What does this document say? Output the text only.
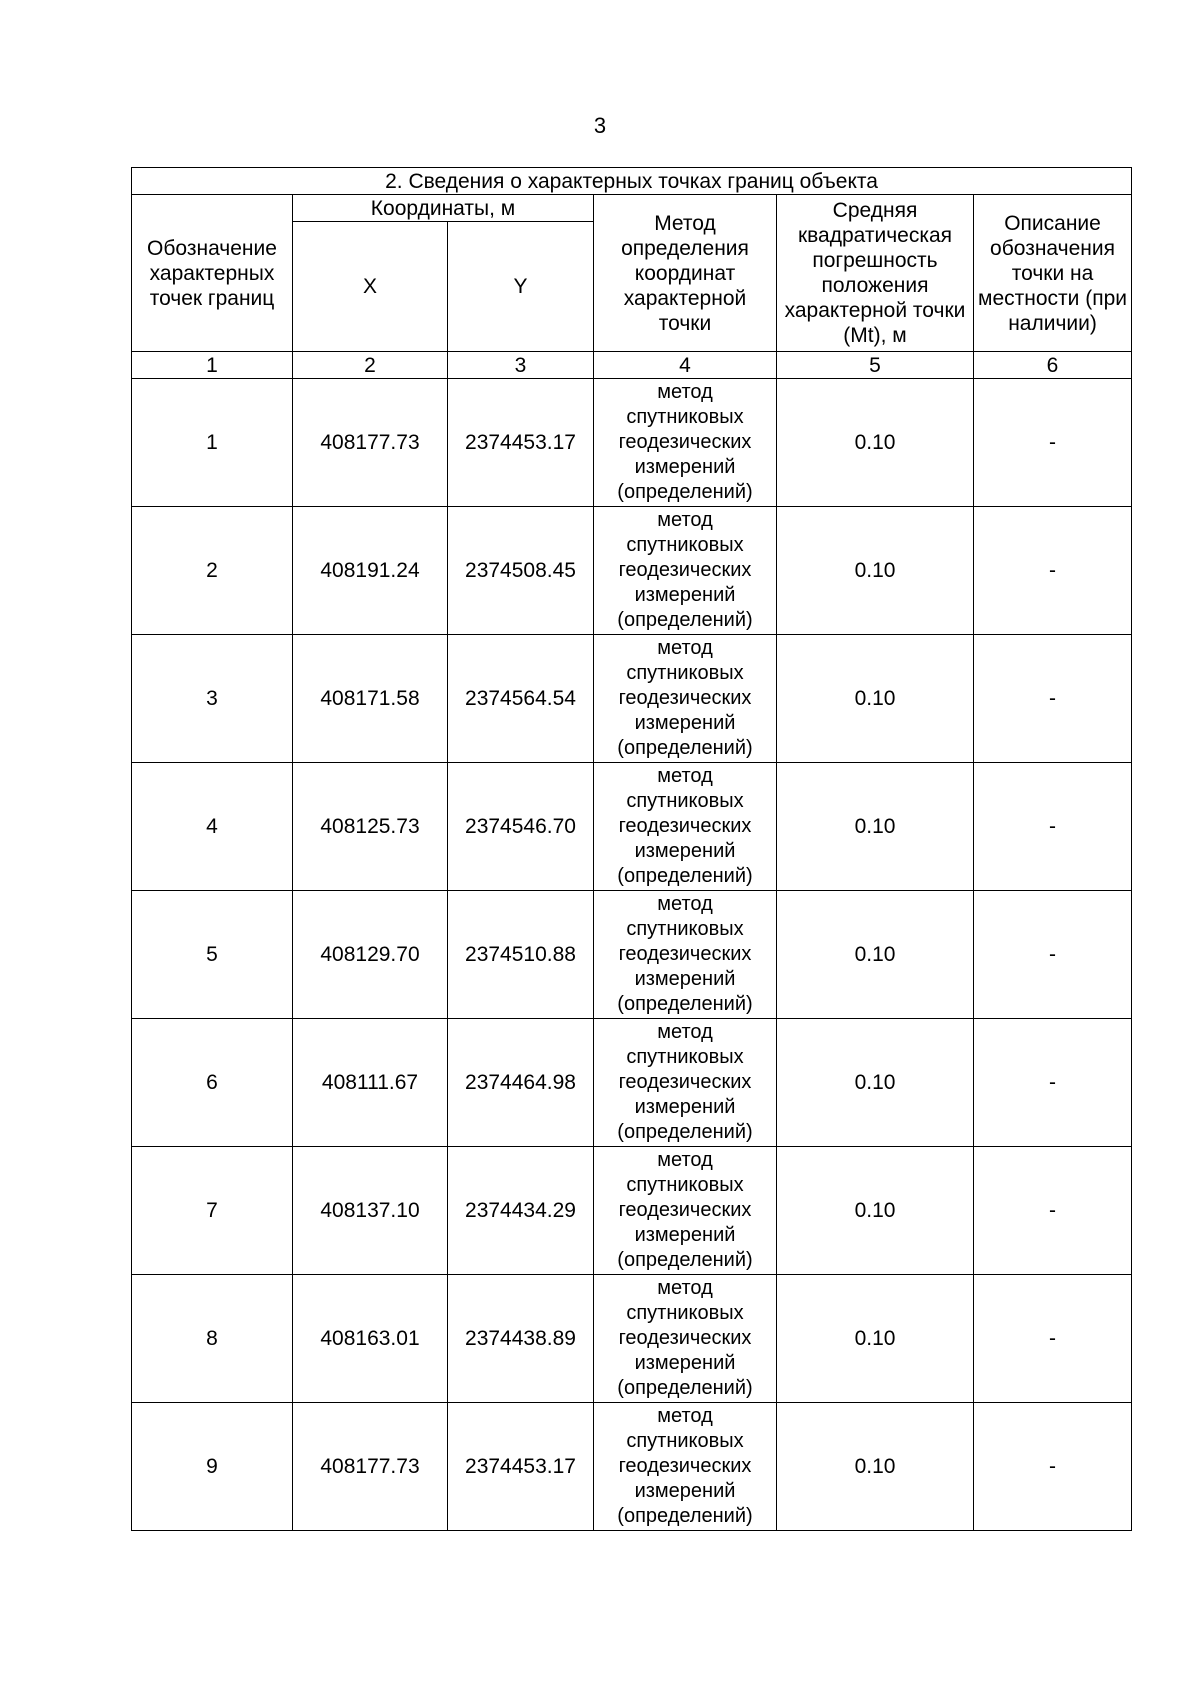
3
2. Сведения о характерных точках границ объекта					
Обозначение характерных точек границ	Координаты, м		Метод определения координат характерной точки	Средняя квадратическая погрешность положения характерной точки (Mt), м	Описание обозначения точки на местности (при наличии)
	X	Y			
1	2	3	4	5	6
1	408177.73	2374453.17	метод спутниковых геодезических измерений (определений)	0.10	-
2	408191.24	2374508.45	метод спутниковых геодезических измерений (определений)	0.10	-
3	408171.58	2374564.54	метод спутниковых геодезических измерений (определений)	0.10	-
4	408125.73	2374546.70	метод спутниковых геодезических измерений (определений)	0.10	-
5	408129.70	2374510.88	метод спутниковых геодезических измерений (определений)	0.10	-
6	408111.67	2374464.98	метод спутниковых геодезических измерений (определений)	0.10	-
7	408137.10	2374434.29	метод спутниковых геодезических измерений (определений)	0.10	-
8	408163.01	2374438.89	метод спутниковых геодезических измерений (определений)	0.10	-
9	408177.73	2374453.17	метод спутниковых геодезических измерений (определений)	0.10	-
